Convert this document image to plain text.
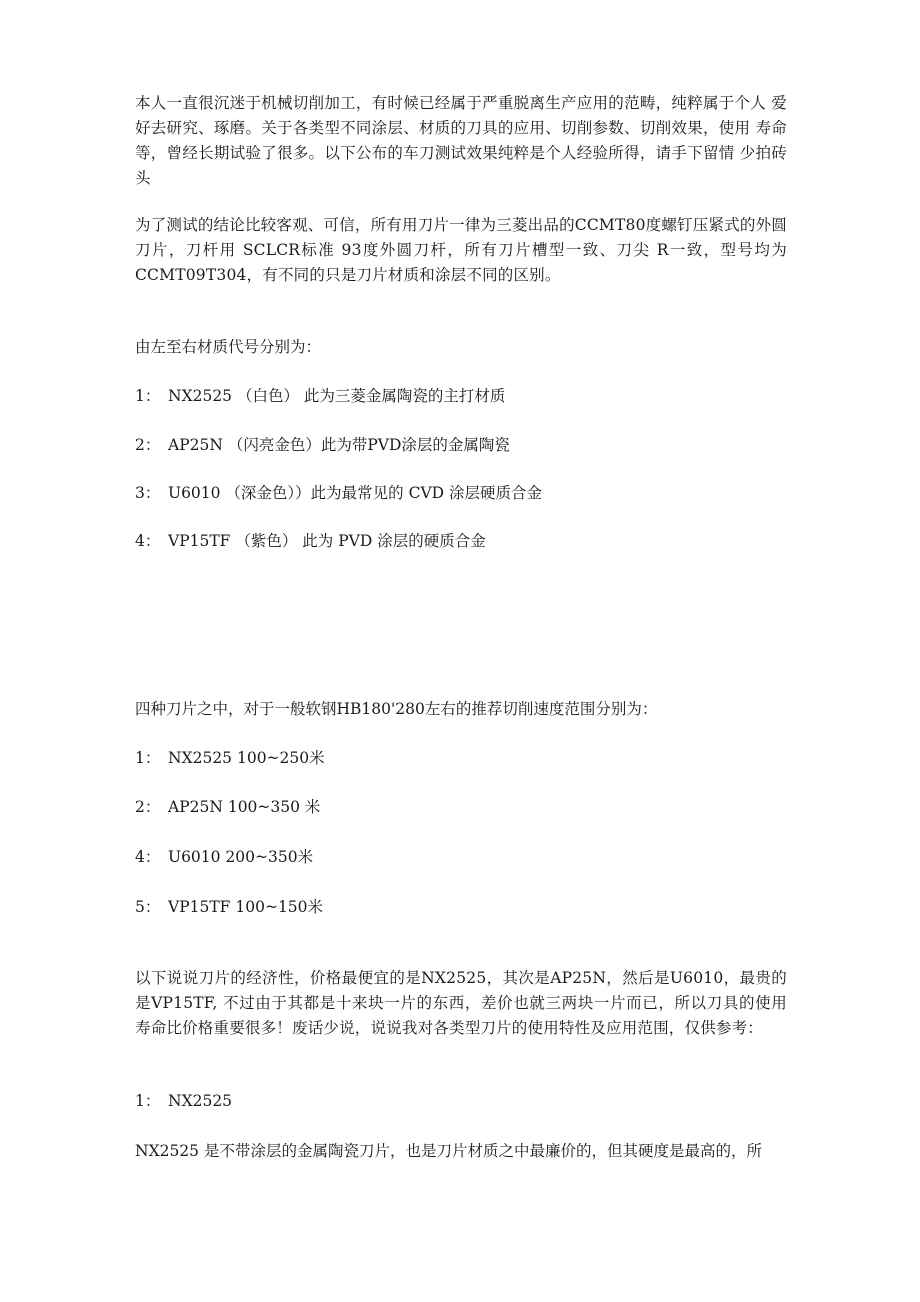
本人一直很沉迷于机械切削加工，有时候已经属于严重脱离生产应用的范畴，纯粹属于个人 爱好去研究、琢磨。关于各类型不同涂层、材质的刀具的应用、切削参数、切削效果，使用 寿命等，曾经长期试验了很多。以下公布的车刀测试效果纯粹是个人经验所得，请手下留情 少拍砖头

为了测试的结论比较客观、可信，所有用刀片一律为三菱出品的CCMT80度螺钉压紧式的外圆刀片，刀杆用 SCLCR标准 93度外圆刀杆，所有刀片槽型一致、刀尖 R一致，型号均为CCMT09T304，有不同的只是刀片材质和涂层不同的区别。

由左至右材质代号分别为：

1： NX2525 （白色） 此为三菱金属陶瓷的主打材质

2： AP25N （闪亮金色）此为带PVD涂层的金属陶瓷

3： U6010 （深金色））此为最常见的 CVD 涂层硬质合金

4： VP15TF （紫色） 此为 PVD 涂层的硬质合金

四种刀片之中，对于一般软钢HB180'280左右的推荐切削速度范围分别为：

1： NX2525 100~250米

2： AP25N 100~350 米

4： U6010 200~350米

5： VP15TF 100~150米

以下说说刀片的经济性，价格最便宜的是NX2525，其次是AP25N，然后是U6010，最贵的是VP15TF, 不过由于其都是十来块一片的东西，差价也就三两块一片而已，所以刀具的使用寿命比价格重要很多！废话少说，说说我对各类型刀片的使用特性及应用范围，仅供参考：

1： NX2525

NX2525 是不带涂层的金属陶瓷刀片，也是刀片材质之中最廉价的，但其硬度是最高的，所
